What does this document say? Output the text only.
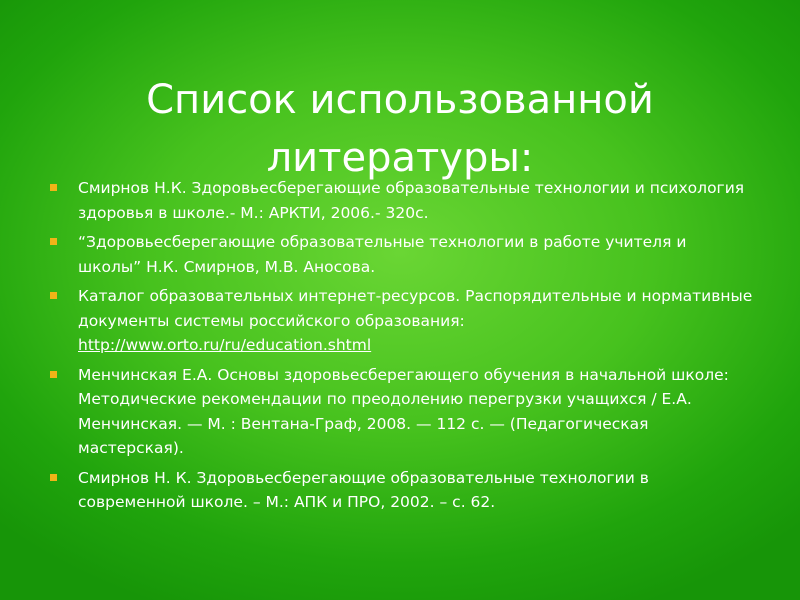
Список использованной литературы:
Смирнов Н.К. Здоровьесберегающие образовательные технологии и психология здоровья в школе.- М.: АРКТИ, 2006.- 320с.
“Здоровьесберегающие образовательные технологии в работе учителя и школы” Н.К. Смирнов, М.В. Аносова.
Каталог образовательных интернет-ресурсов. Распорядительные и нормативные документы системы российского образования: http://www.orto.ru/ru/education.shtml
Менчинская Е.А. Основы здоровьесберегающего обучения в начальной школе: Методические рекомендации по преодолению перегрузки учащихся / Е.А. Менчинская. — М. : Вентана-Граф, 2008. — 112 с. — (Педагогическая мастерская).
Смирнов Н. К. Здоровьесберегающие образовательные технологии в современной школе. – М.: АПК и ПРО, 2002. – с. 62.
